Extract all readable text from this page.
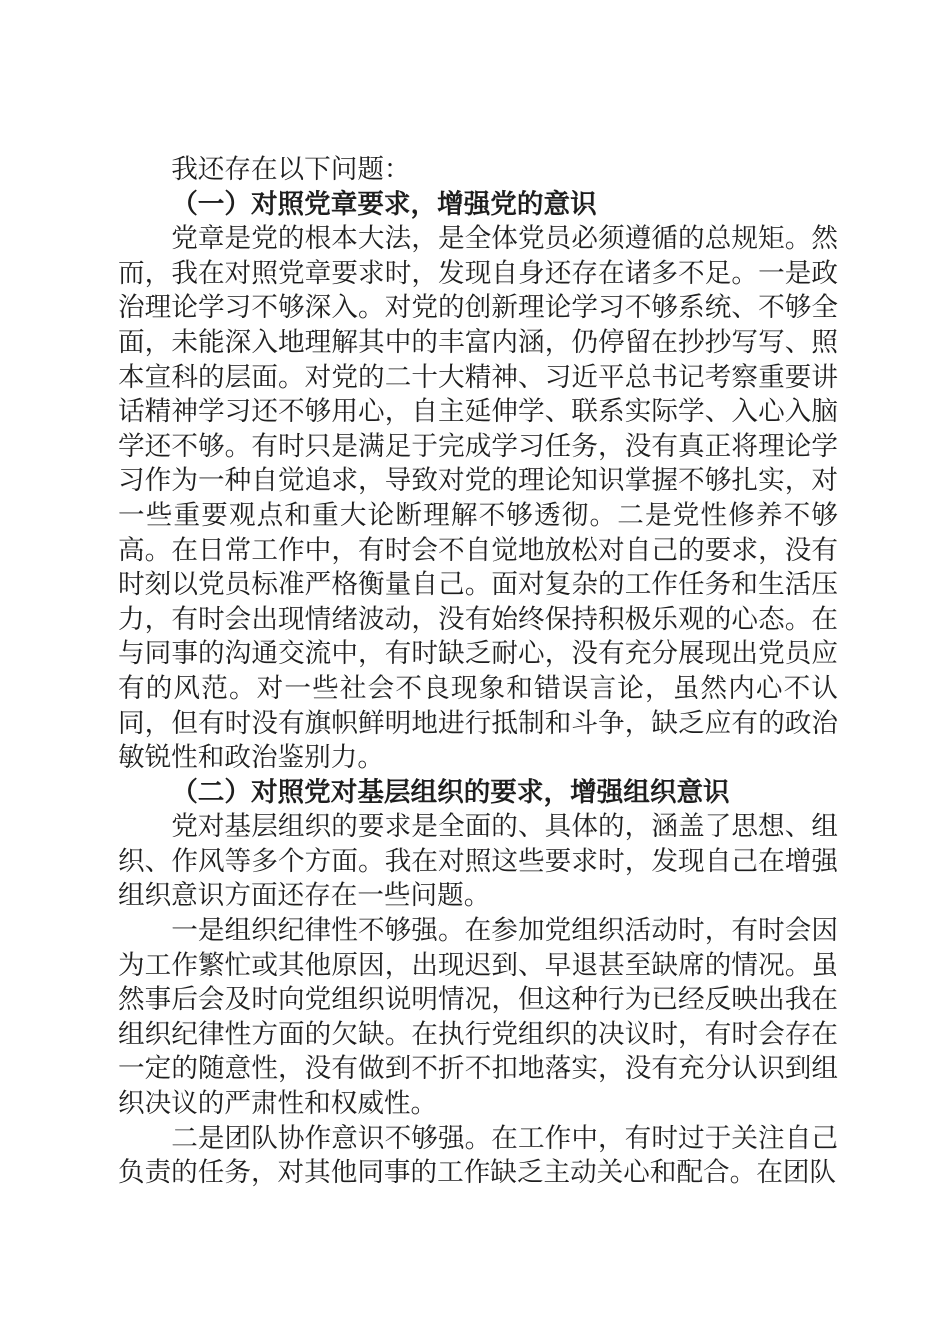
我还存在以下问题：

（一）对照党章要求，增强党的意识

党章是党的根本大法，是全体党员必须遵循的总规矩。然而，我在对照党章要求时，发现自身还存在诸多不足。一是政治理论学习不够深入。对党的创新理论学习不够系统、不够全面，未能深入地理解其中的丰富内涵，仍停留在抄抄写写、照本宣科的层面。对党的二十大精神、习近平总书记考察重要讲话精神学习还不够用心，自主延伸学、联系实际学、入心入脑学还不够。有时只是满足于完成学习任务，没有真正将理论学习作为一种自觉追求，导致对党的理论知识掌握不够扎实，对一些重要观点和重大论断理解不够透彻。二是党性修养不够高。在日常工作中，有时会不自觉地放松对自己的要求，没有时刻以党员标准严格衡量自己。面对复杂的工作任务和生活压力，有时会出现情绪波动，没有始终保持积极乐观的心态。在与同事的沟通交流中，有时缺乏耐心，没有充分展现出党员应有的风范。对一些社会不良现象和错误言论，虽然内心不认同，但有时没有旗帜鲜明地进行抵制和斗争，缺乏应有的政治敏锐性和政治鉴别力。

（二）对照党对基层组织的要求，增强组织意识

党对基层组织的要求是全面的、具体的，涵盖了思想、组织、作风等多个方面。我在对照这些要求时，发现自己在增强组织意识方面还存在一些问题。

一是组织纪律性不够强。在参加党组织活动时，有时会因为工作繁忙或其他原因，出现迟到、早退甚至缺席的情况。虽然事后会及时向党组织说明情况，但这种行为已经反映出我在组织纪律性方面的欠缺。在执行党组织的决议时，有时会存在一定的随意性，没有做到不折不扣地落实，没有充分认识到组织决议的严肃性和权威性。

二是团队协作意识不够强。在工作中，有时过于关注自己负责的任务，对其他同事的工作缺乏主动关心和配合。在团队
